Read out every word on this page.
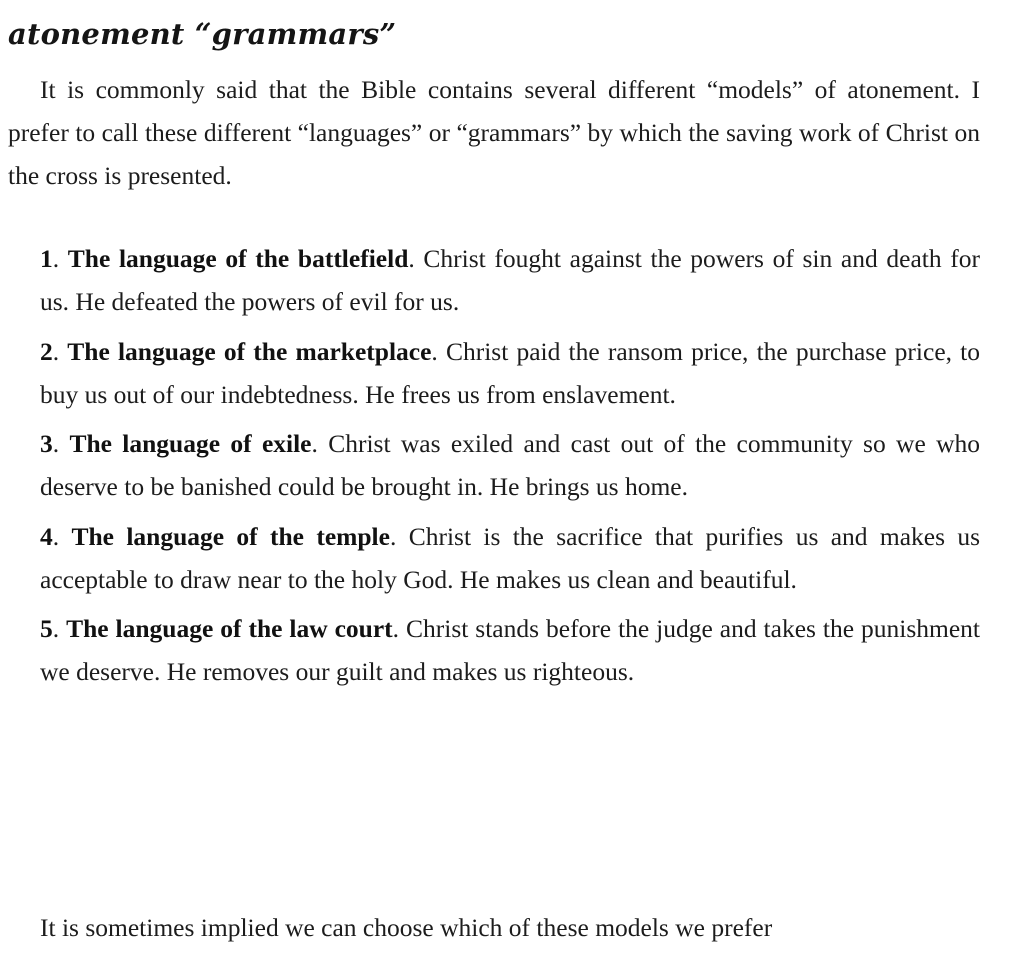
atonement “grammars”

It is commonly said that the Bible contains several different “models” of atonement. I prefer to call these different “languages” or “grammars” by which the saving work of Christ on the cross is presented.

1. The language of the battlefield. Christ fought against the powers of sin and death for us. He defeated the powers of evil for us.
2. The language of the marketplace. Christ paid the ransom price, the purchase price, to buy us out of our indebtedness. He frees us from enslavement.
3. The language of exile. Christ was exiled and cast out of the community so we who deserve to be banished could be brought in. He brings us home.
4. The language of the temple. Christ is the sacrifice that purifies us and makes us acceptable to draw near to the holy God. He makes us clean and beautiful.
5. The language of the law court. Christ stands before the judge and takes the punishment we deserve. He removes our guilt and makes us righteous.

It is sometimes implied we can choose which of these models we prefer
